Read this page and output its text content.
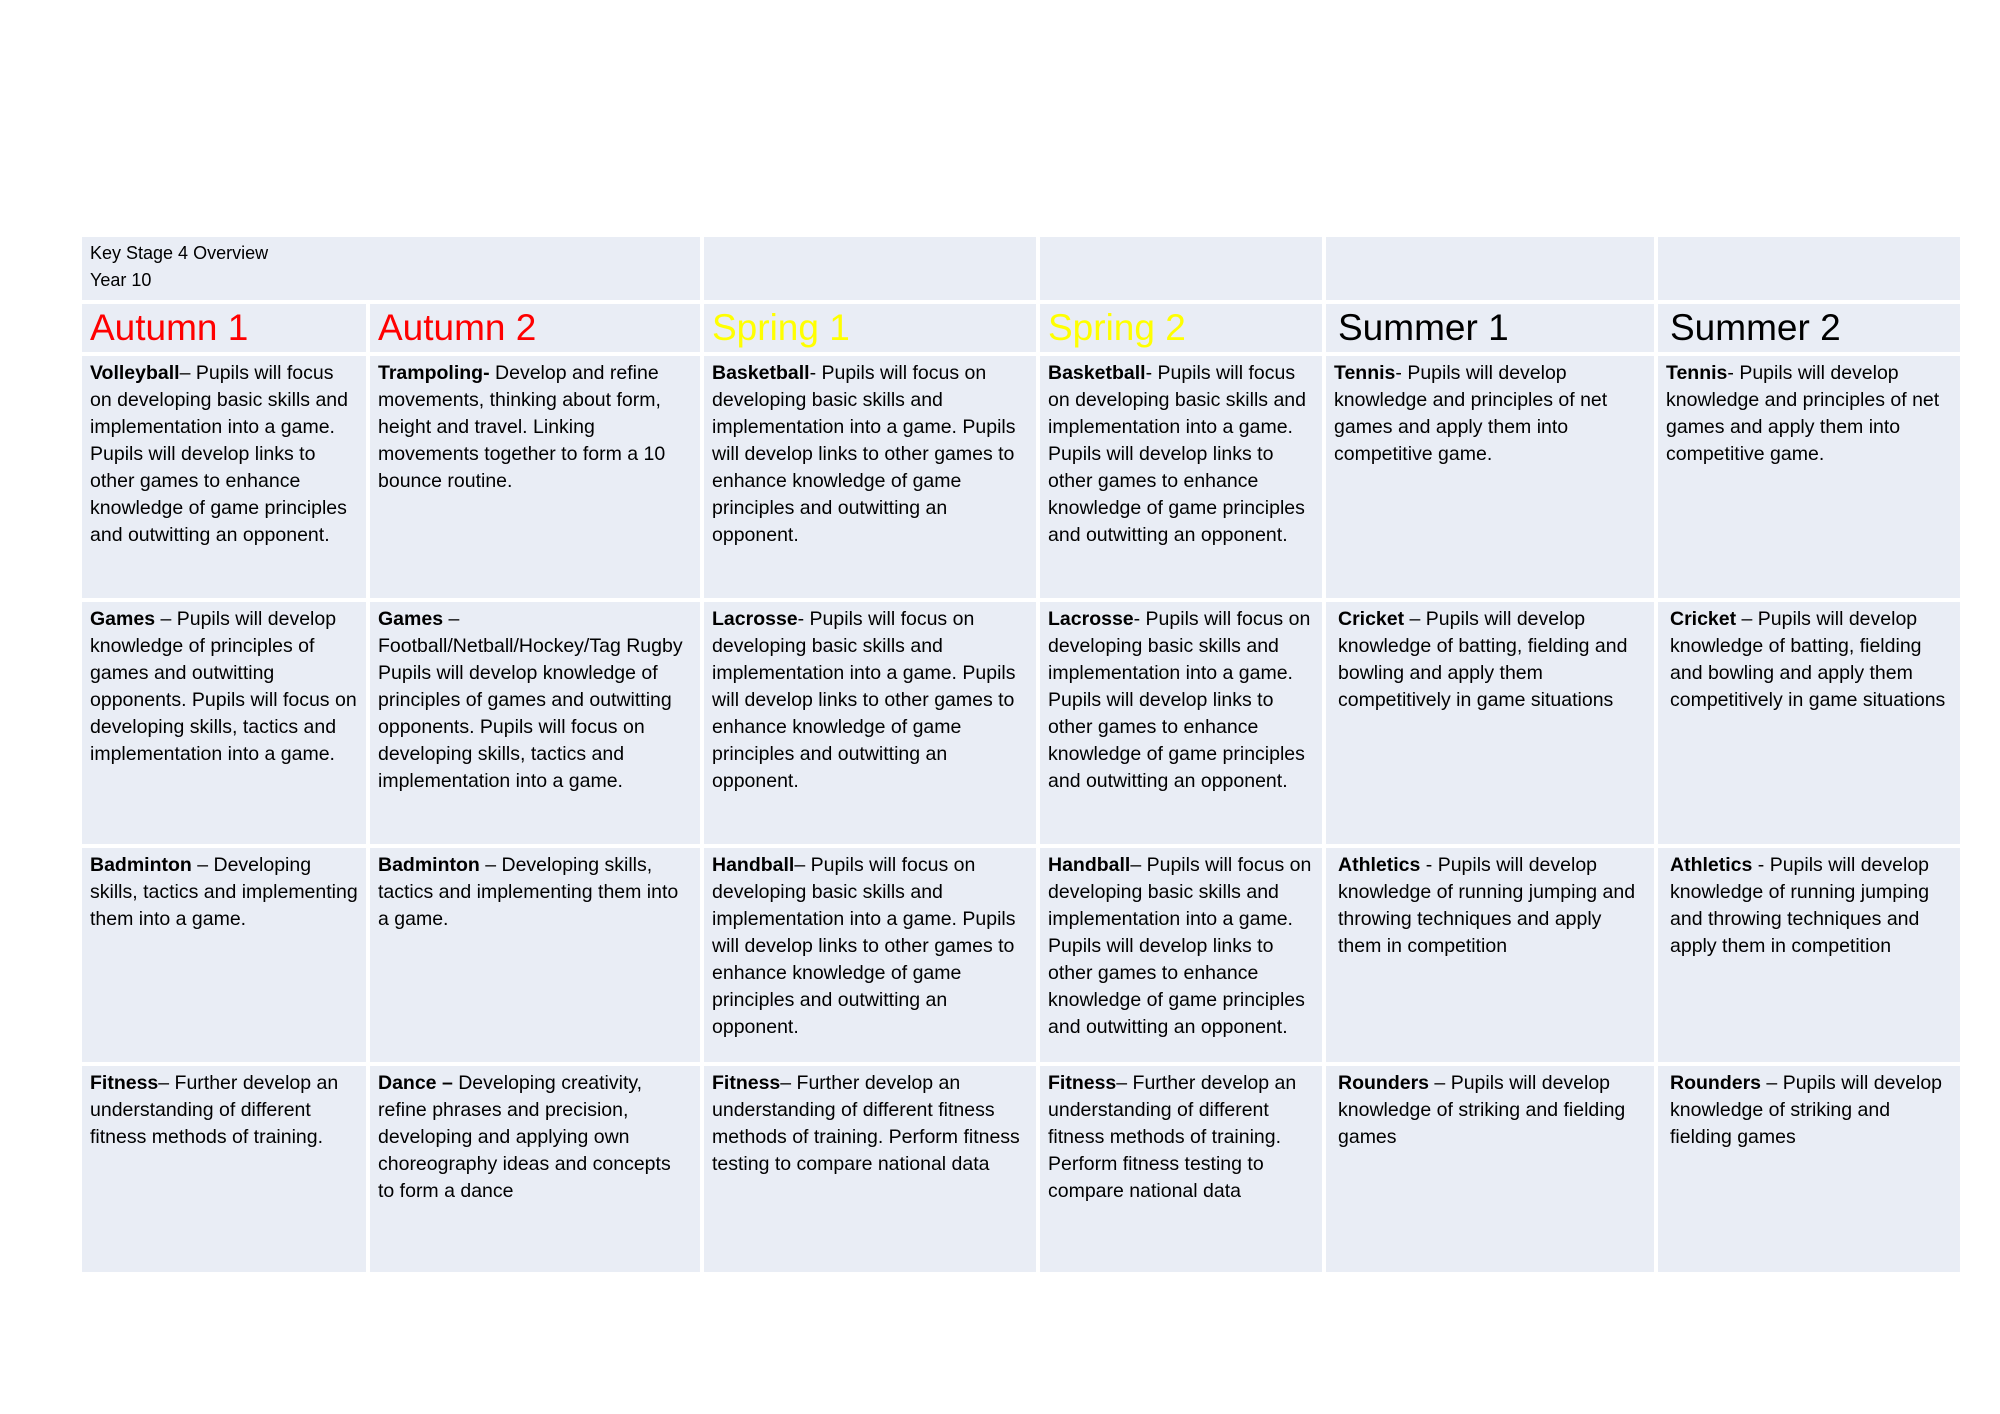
Key Stage 4 Overview
Year 10					

Autumn 1	Autumn 2	Spring 1	Spring 2	Summer 1	Summer 2
Volleyball– Pupils will focus on developing basic skills and implementation into a game. Pupils will develop links to other games to enhance knowledge of game principles and outwitting an opponent.	Trampoling- Develop and refine movements, thinking about form, height and travel. Linking movements together to form a 10 bounce routine.	Basketball- Pupils will focus on developing basic skills and implementation into a game. Pupils will develop links to other games to enhance knowledge of game principles and outwitting an opponent.	Basketball- Pupils will focus on developing basic skills and implementation into a game. Pupils will develop links to other games to enhance knowledge of game principles and outwitting an opponent.	Tennis- Pupils will develop knowledge and principles of net games and apply them into competitive game.	Tennis- Pupils will develop knowledge and principles of net games and apply them into competitive game.
Games – Pupils will develop knowledge of principles of games and outwitting opponents. Pupils will focus on developing skills, tactics and implementation into a game.	Games – Football/Netball/Hockey/Tag Rugby Pupils will develop knowledge of principles of games and outwitting opponents. Pupils will focus on developing skills, tactics and implementation into a game.	Lacrosse- Pupils will focus on developing basic skills and implementation into a game. Pupils will develop links to other games to enhance knowledge of game principles and outwitting an opponent.	Lacrosse- Pupils will focus on developing basic skills and implementation into a game. Pupils will develop links to other games to enhance knowledge of game principles and outwitting an opponent.	Cricket – Pupils will develop knowledge of batting, fielding and bowling and apply them competitively in game situations	Cricket – Pupils will develop knowledge of batting, fielding and bowling and apply them competitively in game situations
Badminton – Developing skills, tactics and implementing them into a game.	Badminton – Developing skills, tactics and implementing them into a game.	Handball– Pupils will focus on developing basic skills and implementation into a game. Pupils will develop links to other games to enhance knowledge of game principles and outwitting an opponent.	Handball– Pupils will focus on developing basic skills and implementation into a game. Pupils will develop links to other games to enhance knowledge of game principles and outwitting an opponent.	Athletics - Pupils will develop knowledge of running jumping and throwing techniques and apply them in competition	Athletics - Pupils will develop knowledge of running jumping and throwing techniques and apply them in competition
Fitness– Further develop an understanding of different fitness methods of training.	Dance – Developing creativity, refine phrases and precision, developing and applying own choreography ideas and concepts to form a dance	Fitness– Further develop an understanding of different fitness methods of training. Perform fitness testing to compare national data	Fitness– Further develop an understanding of different fitness methods of training. Perform fitness testing to compare national data	Rounders – Pupils will develop knowledge of striking and fielding games	Rounders – Pupils will develop knowledge of striking and fielding games
